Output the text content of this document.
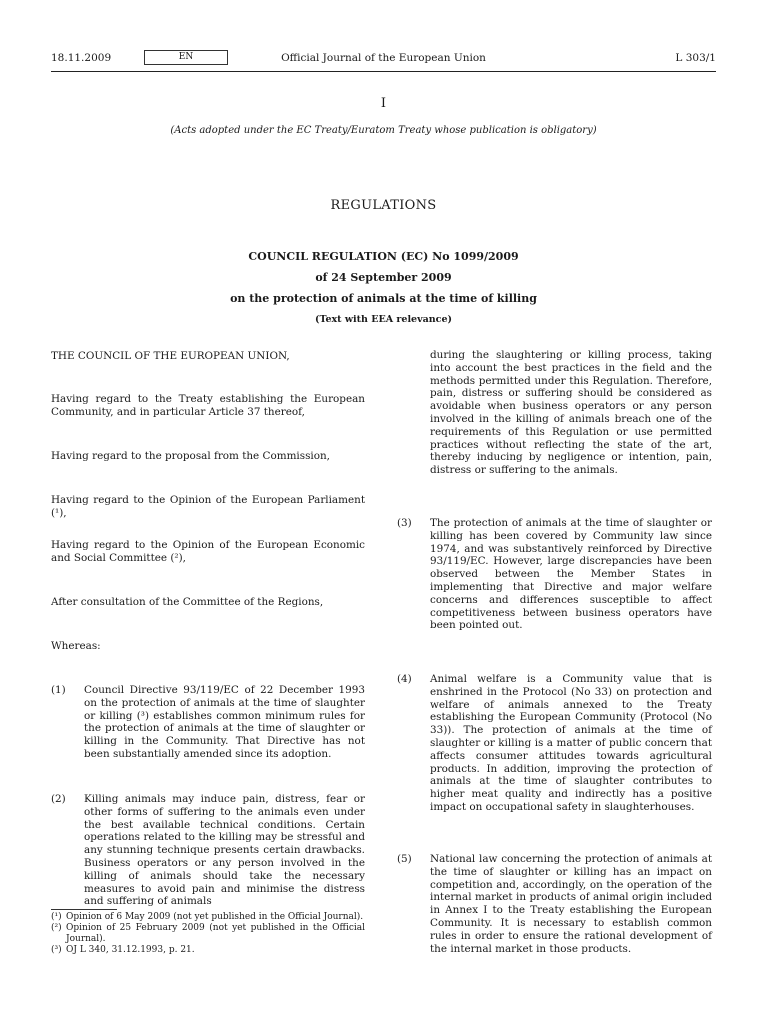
18.11.2009	EN	Official Journal of the European Union	L 303/1
I
(Acts adopted under the EC Treaty/Euratom Treaty whose publication is obligatory)
REGULATIONS
COUNCIL REGULATION (EC) No 1099/2009
of 24 September 2009
on the protection of animals at the time of killing
(Text with EEA relevance)
THE COUNCIL OF THE EUROPEAN UNION,
Having regard to the Treaty establishing the European Community, and in particular Article 37 thereof,
Having regard to the proposal from the Commission,
Having regard to the Opinion of the European Parliament (¹),
Having regard to the Opinion of the European Economic and Social Committee (²),
After consultation of the Committee of the Regions,
Whereas:
(1) Council Directive 93/119/EC of 22 December 1993 on the protection of animals at the time of slaughter or killing (³) establishes common minimum rules for the protection of animals at the time of slaughter or killing in the Community. That Directive has not been substantially amended since its adoption.
(2) Killing animals may induce pain, distress, fear or other forms of suffering to the animals even under the best available technical conditions. Certain operations related to the killing may be stressful and any stunning technique presents certain drawbacks. Business operators or any person involved in the killing of animals should take the necessary measures to avoid pain and minimise the distress and suffering of animals
(¹) Opinion of 6 May 2009 (not yet published in the Official Journal).
(²) Opinion of 25 February 2009 (not yet published in the Official Journal).
(³) OJ L 340, 31.12.1993, p. 21.
during the slaughtering or killing process, taking into account the best practices in the field and the methods permitted under this Regulation. Therefore, pain, distress or suffering should be considered as avoidable when business operators or any person involved in the killing of animals breach one of the requirements of this Regulation or use permitted practices without reflecting the state of the art, thereby inducing by negligence or intention, pain, distress or suffering to the animals.
(3) The protection of animals at the time of slaughter or killing has been covered by Community law since 1974, and was substantively reinforced by Directive 93/119/EC. However, large discrepancies have been observed between the Member States in implementing that Directive and major welfare concerns and differences susceptible to affect competitiveness between business operators have been pointed out.
(4) Animal welfare is a Community value that is enshrined in the Protocol (No 33) on protection and welfare of animals annexed to the Treaty establishing the European Community (Protocol (No 33)). The protection of animals at the time of slaughter or killing is a matter of public concern that affects consumer attitudes towards agricultural products. In addition, improving the protection of animals at the time of slaughter contributes to higher meat quality and indirectly has a positive impact on occupational safety in slaughterhouses.
(5) National law concerning the protection of animals at the time of slaughter or killing has an impact on competition and, accordingly, on the operation of the internal market in products of animal origin included in Annex I to the Treaty establishing the European Community. It is necessary to establish common rules in order to ensure the rational development of the internal market in those products.
